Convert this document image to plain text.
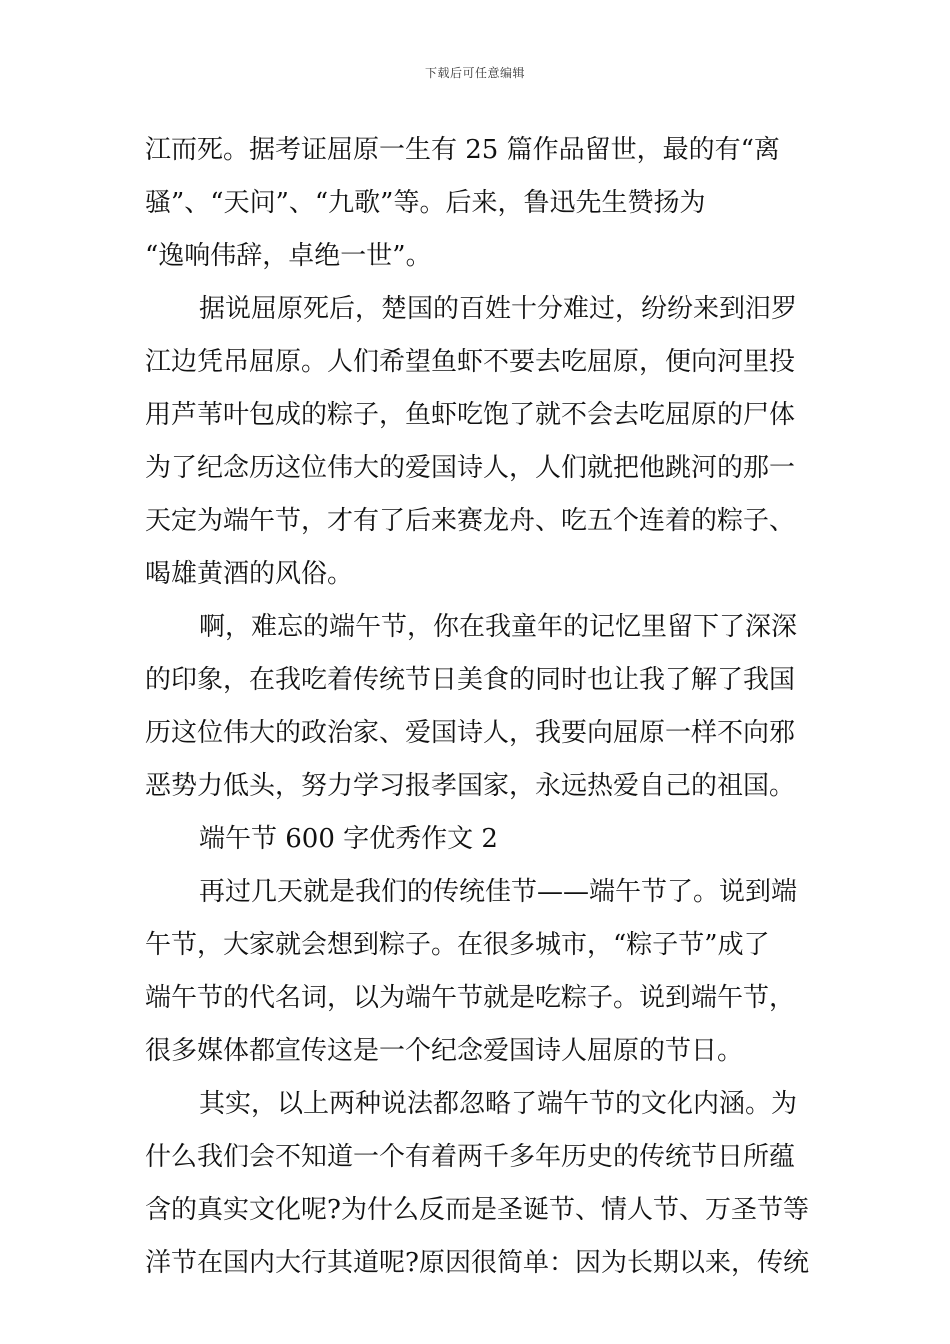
下载后可任意编辑
江而死。据考证屈原一生有 25 篇作品留世，最的有“离
骚”、“天问”、“九歌”等。后来，鲁迅先生赞扬为
“逸响伟辞，卓绝一世”。
据说屈原死后，楚国的百姓十分难过，纷纷来到汨罗
江边凭吊屈原。人们希望鱼虾不要去吃屈原，便向河里投
用芦苇叶包成的粽子，鱼虾吃饱了就不会去吃屈原的尸体
为了纪念历这位伟大的爱国诗人，人们就把他跳河的那一
天定为端午节，才有了后来赛龙舟、吃五个连着的粽子、
喝雄黄酒的风俗。
啊，难忘的端午节，你在我童年的记忆里留下了深深
的印象，在我吃着传统节日美食的同时也让我了解了我国
历这位伟大的政治家、爱国诗人，我要向屈原一样不向邪
恶势力低头，努力学习报孝国家，永远热爱自己的祖国。
端午节 600 字优秀作文 2
再过几天就是我们的传统佳节——端午节了。说到端
午节，大家就会想到粽子。在很多城市，“粽子节”成了
端午节的代名词，以为端午节就是吃粽子。说到端午节，
很多媒体都宣传这是一个纪念爱国诗人屈原的节日。
其实，以上两种说法都忽略了端午节的文化内涵。为
什么我们会不知道一个有着两千多年历史的传统节日所蕴
含的真实文化呢?为什么反而是圣诞节、情人节、万圣节等
洋节在国内大行其道呢?原因很简单：因为长期以来，传统
